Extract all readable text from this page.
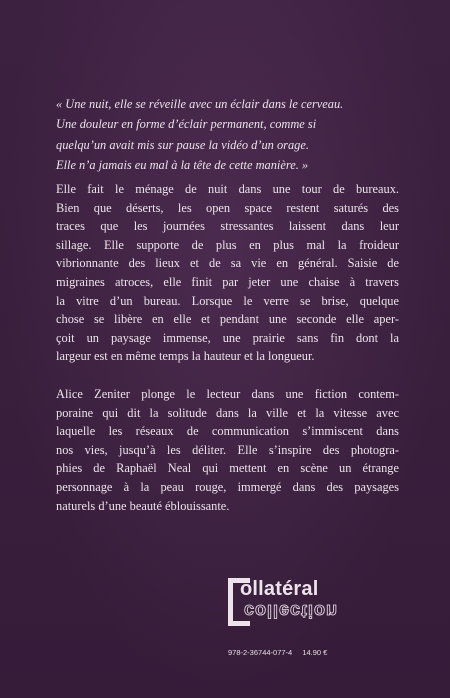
« Une nuit, elle se réveille avec un éclair dans le cerveau.
Une douleur en forme d’éclair permanent, comme si
quelqu’un avait mis sur pause la vidéo d’un orage.
Elle n’a jamais eu mal à la tête de cette manière. »

Elle fait le ménage de nuit dans une tour de bureaux.
Bien que déserts, les open space restent saturés des
traces que les journées stressantes laissent dans leur
sillage. Elle supporte de plus en plus mal la froideur
vibrionnante des lieux et de sa vie en général. Saisie de
migraines atroces, elle finit par jeter une chaise à travers
la vitre d’un bureau. Lorsque le verre se brise, quelque
chose se libère en elle et pendant une seconde elle aper-
çoit un paysage immense, une prairie sans fin dont la
largeur est en même temps la hauteur et la longueur.

Alice Zeniter plonge le lecteur dans une fiction contem-
poraine qui dit la solitude dans la ville et la vitesse avec
laquelle les réseaux de communication s’immiscent dans
nos vies, jusqu’à les déliter. Elle s’inspire des photogra-
phies de Raphaël Neal qui mettent en scène un étrange
personnage à la peau rouge, immergé dans des paysages
naturels d’une beauté éblouissante.

ollatéral
collection
978-2-36744-077-4 14.90 €
